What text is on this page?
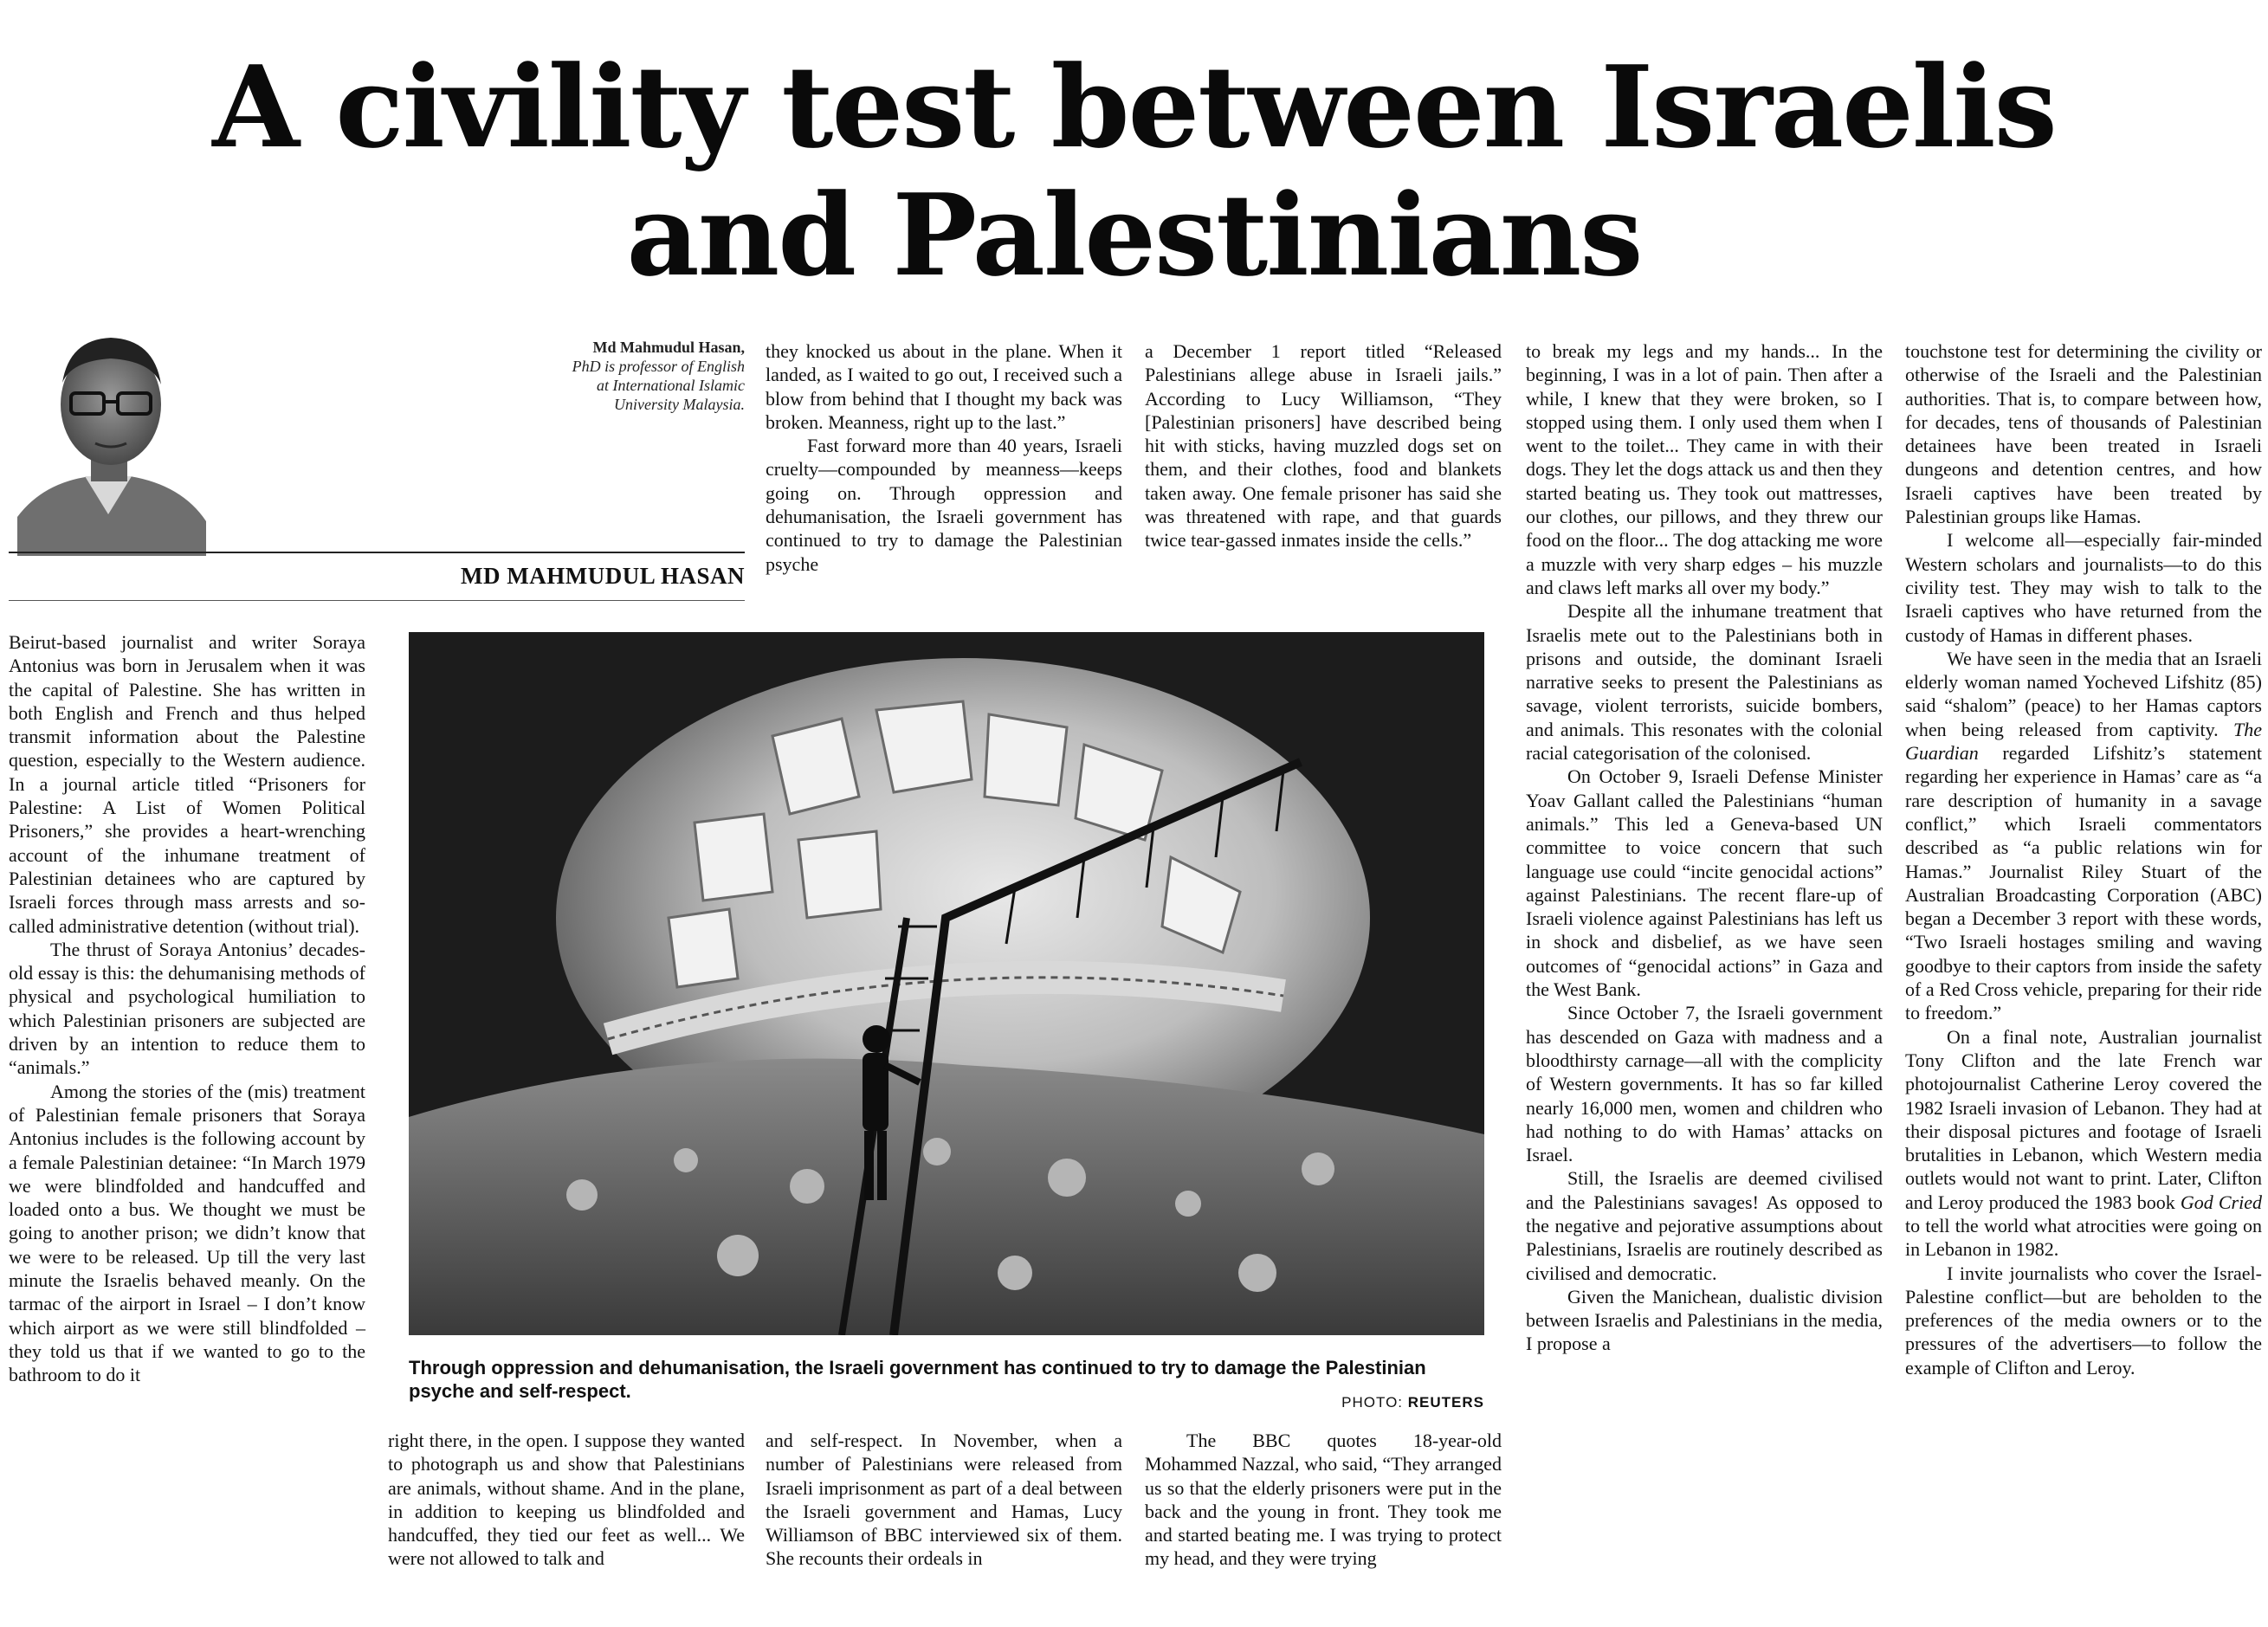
A civility test between Israelis
and Palestinians
Md Mahmudul Hasan,
PhD is professor of English
at International Islamic
University Malaysia.
MD MAHMUDUL HASAN

Beirut-based journalist and writer Soraya Antonius was born in Jerusalem when it was the capital of Palestine. She has written in both English and French and thus helped transmit information about the Palestine question, especially to the Western audience. In a journal article titled “Prisoners for Palestine: A List of Women Political Prisoners,” she provides a heart-wrenching account of the inhumane treatment of Palestinian detainees who are captured by Israeli forces through mass arrests and so-called administrative detention (without trial).

The thrust of Soraya Antonius’ decades-old essay is this: the dehumanising methods of physical and psychological humiliation to which Palestinian prisoners are subjected are driven by an intention to reduce them to “animals.”

Among the stories of the (mis) treatment of Palestinian female prisoners that Soraya Antonius includes is the following account by a female Palestinian detainee: “In March 1979 we were blindfolded and handcuffed and loaded onto a bus. We thought we must be going to another prison; we didn’t know that we were to be released. Up till the very last minute the Israelis behaved meanly. On the tarmac of the airport in Israel – I don’t know which airport as we were still blindfolded – they told us that if we wanted to go to the bathroom to do it

right there, in the open. I suppose they wanted to photograph us and show that Palestinians are animals, without shame. And in the plane, in addition to keeping us blindfolded and handcuffed, they tied our feet as well... We were not allowed to talk and

they knocked us about in the plane. When it landed, as I waited to go out, I received such a blow from behind that I thought my back was broken. Meanness, right up to the last.”

Fast forward more than 40 years, Israeli cruelty—compounded by meanness—keeps going on. Through oppression and dehumanisation, the Israeli government has continued to try to damage the Palestinian psyche

and self-respect. In November, when a number of Palestinians were released from Israeli imprisonment as part of a deal between the Israeli government and Hamas, Lucy Williamson of BBC interviewed six of them. She recounts their ordeals in

a December 1 report titled “Released Palestinians allege abuse in Israeli jails.” According to Lucy Williamson, “They [Palestinian prisoners] have described being hit with sticks, having muzzled dogs set on them, and their clothes, food and blankets taken away. One female prisoner has said she was threatened with rape, and that guards twice tear-gassed inmates inside the cells.”

The BBC quotes 18-year-old Mohammed Nazzal, who said, “They arranged us so that the elderly prisoners were put in the back and the young in front. They took me and started beating me. I was trying to protect my head, and they were trying

to break my legs and my hands... In the beginning, I was in a lot of pain. Then after a while, I knew that they were broken, so I stopped using them. I only used them when I went to the toilet... They came in with their dogs. They let the dogs attack us and then they started beating us. They took out mattresses, our clothes, our pillows, and they threw our food on the floor... The dog attacking me wore a muzzle with very sharp edges – his muzzle and claws left marks all over my body.”

Despite all the inhumane treatment that Israelis mete out to the Palestinians both in prisons and outside, the dominant Israeli narrative seeks to present the Palestinians as savage, violent terrorists, suicide bombers, and animals. This resonates with the colonial racial categorisation of the colonised.

On October 9, Israeli Defense Minister Yoav Gallant called the Palestinians “human animals.” This led a Geneva-based UN committee to voice concern that such language use could “incite genocidal actions” against Palestinians. The recent flare-up of Israeli violence against Palestinians has left us in shock and disbelief, as we have seen outcomes of “genocidal actions” in Gaza and the West Bank.

Since October 7, the Israeli government has descended on Gaza with madness and a bloodthirsty carnage—all with the complicity of Western governments. It has so far killed nearly 16,000 men, women and children who had nothing to do with Hamas’ attacks on Israel.

Still, the Israelis are deemed civilised and the Palestinians savages! As opposed to the negative and pejorative assumptions about Palestinians, Israelis are routinely described as civilised and democratic.

Given the Manichean, dualistic division between Israelis and Palestinians in the media, I propose a

touchstone test for determining the civility or otherwise of the Israeli and the Palestinian authorities. That is, to compare between how, for decades, tens of thousands of Palestinian detainees have been treated in Israeli dungeons and detention centres, and how Israeli captives have been treated by Palestinian groups like Hamas.

I welcome all—especially fair-minded Western scholars and journalists—to do this civility test. They may wish to talk to the Israeli captives who have returned from the custody of Hamas in different phases.

We have seen in the media that an Israeli elderly woman named Yocheved Lifshitz (85) said “shalom” (peace) to her Hamas captors when being released from captivity. The Guardian regarded Lifshitz’s statement regarding her experience in Hamas’ care as “a rare description of humanity in a savage conflict,” which Israeli commentators described as “a public relations win for Hamas.” Journalist Riley Stuart of the Australian Broadcasting Corporation (ABC) began a December 3 report with these words, “Two Israeli hostages smiling and waving goodbye to their captors from inside the safety of a Red Cross vehicle, preparing for their ride to freedom.”

On a final note, Australian journalist Tony Clifton and the late French war photojournalist Catherine Leroy covered the 1982 Israeli invasion of Lebanon. They had at their disposal pictures and footage of Israeli brutalities in Lebanon, which Western media outlets would not want to print. Later, Clifton and Leroy produced the 1983 book God Cried to tell the world what atrocities were going on in Lebanon in 1982.

I invite journalists who cover the Israel-Palestine conflict—but are beholden to the preferences of the media owners or to the pressures of the advertisers—to follow the example of Clifton and Leroy.

Through oppression and dehumanisation, the Israeli government has continued to try to damage the Palestinian psyche and self-respect.
PHOTO: REUTERS
